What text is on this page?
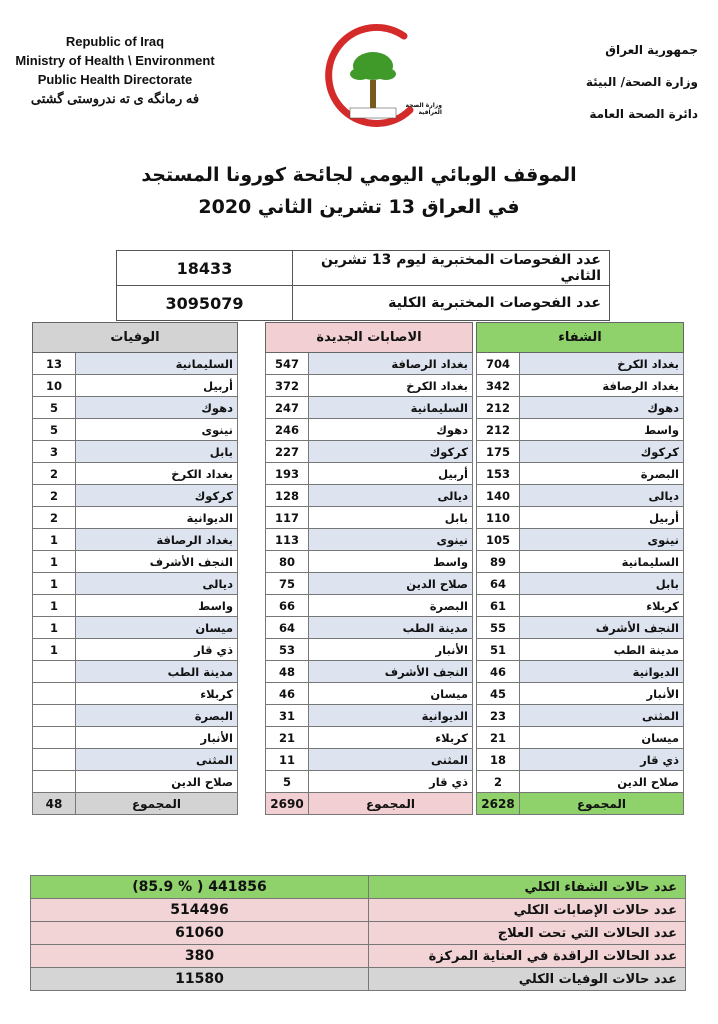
Republic of Iraq
Ministry of Health \ Environment
Public Health Directorate
فه رمانگه ى ته ندروستى گشتى	وزارة الصحة العراقية
جمهورية العراق
وزارة الصحة/ البيئة
دائرة الصحة العامة
الموقف الوبائي اليومي لجائحة كورونا المستجد
في العراق 13 تشرين الثاني 2020
عدد الفحوصات المختبرية ليوم 13 تشرين الثاني	18433
عدد الفحوصات المختبرية الكلية	3095079
الشفاء	
بغداد الكرخ	704
بغداد الرصافة	342
دهوك	212
واسط	212
كركوك	175
البصرة	153
ديالى	140
أربيل	110
نينوى	105
السليمانية	89
بابل	64
كربلاء	61
النجف الأشرف	55
مدينة الطب	51
الديوانية	46
الأنبار	45
المثنى	23
ميسان	21
ذي قار	18
صلاح الدين	2
المجموع	2628
الاصابات الجديدة	
بغداد الرصافة	547
بغداد الكرخ	372
السليمانية	247
دهوك	246
كركوك	227
أربيل	193
ديالى	128
بابل	117
نينوى	113
واسط	80
صلاح الدين	75
البصرة	66
مدينة الطب	64
الأنبار	53
النجف الأشرف	48
ميسان	46
الديوانية	31
كربلاء	21
المثنى	11
ذي قار	5
المجموع	2690
الوفيات	
السليمانية	13
أربيل	10
دهوك	5
نينوى	5
بابل	3
بغداد الكرخ	2
كركوك	2
الديوانية	2
بغداد الرصافة	1
النجف الأشرف	1
ديالى	1
واسط	1
ميسان	1
ذي قار	1
مدينة الطب	
كربلاء	
البصرة	
الأنبار	
المثنى	
صلاح الدين	
المجموع	48
عدد حالات الشفاء الكلي	441856 ( % 85.9)
عدد حالات الإصابات الكلي	514496
عدد الحالات التي تحت العلاج	61060
عدد الحالات الراقدة في العناية المركزة	380
عدد حالات الوفيات الكلي	11580
